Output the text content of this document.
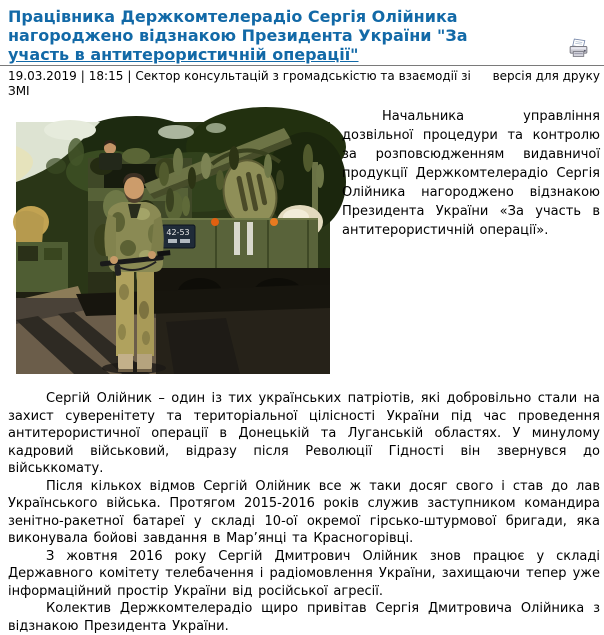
Працівника Держкомтелерадіо Сергія Олійника
нагороджено відзнакою Президента України "За
участь в антитерористичній операції"
19.03.2019 | 18:15 | Сектор консультацій з громадськістю та взаємодії зі ЗМІ
версія для друку
42-53

Начальника управління дозвільної процедури та контролю за розповсюдженням видавничої продукції Держкомтелерадіо Сергія Олійника нагороджено відзнакою Президента України «За участь в антитерористичній операції».

Сергій Олійник – один із тих українських патріотів, які добровільно стали на захист суверенітету та територіальної цілісності України під час проведення антитерористичної операції в Донецькій та Луганській областях. У минулому кадровий військовий, відразу після Революції Гідності він звернувся до військкомату.

Після кількох відмов Сергій Олійник все ж таки досяг свого і став до лав Українського війська. Протягом 2015-2016 років служив заступником командира зенітно-ракетної батареї у складі 10-ої окремої гірсько-штурмової бригади, яка виконувала бойові завдання в Мар’янці та Красногорівці.

З жовтня 2016 року Сергій Дмитрович Олійник знов працює у складі Державного комітету телебачення і радіомовлення України, захищаючи тепер уже інформаційний простір України від російської агресії.

Колектив Держкомтелерадіо щиро привітав Сергія Дмитровича Олійника з відзнакою Президента України.
